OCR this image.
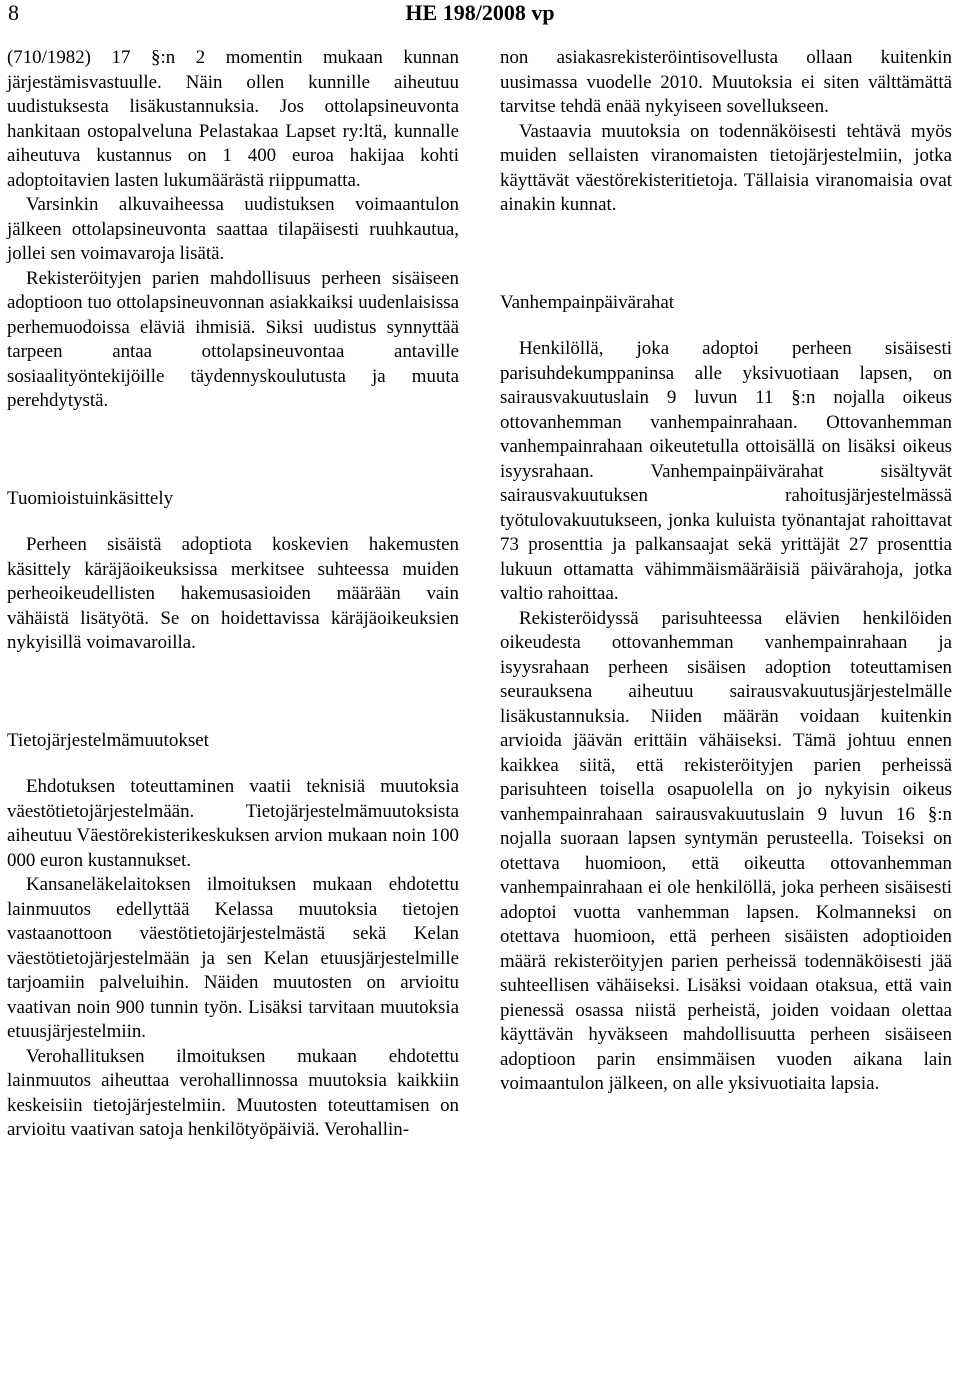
8	HE 198/2008 vp

(710/1982) 17 §:n 2 momentin mukaan kunnan järjestämisvastuulle. Näin ollen kunnille aiheutuu uudistuksesta lisäkustannuksia. Jos ottolapsineuvonta hankitaan ostopalveluna Pelastakaa Lapset ry:ltä, kunnalle aiheutuva kustannus on 1 400 euroa hakijaa kohti adoptoitavien lasten lukumäärästä riippumatta.

Varsinkin alkuvaiheessa uudistuksen voimaantulon jälkeen ottolapsineuvonta saattaa tilapäisesti ruuhkautua, jollei sen voimavaroja lisätä.

Rekisteröityjen parien mahdollisuus perheen sisäiseen adoptioon tuo ottolapsineuvonnan asiakkaiksi uudenlaisissa perhemuodoissa eläviä ihmisiä. Siksi uudistus synnyttää tarpeen antaa ottolapsineuvontaa antaville sosiaalityöntekijöille täydennyskoulutusta ja muuta perehdytystä.

Tuomioistuinkäsittely

Perheen sisäistä adoptiota koskevien hakemusten käsittely käräjäoikeuksissa merkitsee suhteessa muiden perheoikeudellisten hakemusasioiden määrään vain vähäistä lisätyötä. Se on hoidettavissa käräjäoikeuksien nykyisillä voimavaroilla.

Tietojärjestelmämuutokset

Ehdotuksen toteuttaminen vaatii teknisiä muutoksia väestötietojärjestelmään. Tietojärjestelmämuutoksista aiheutuu Väestörekisterikeskuksen arvion mukaan noin 100 000 euron kustannukset.

Kansaneläkelaitoksen ilmoituksen mukaan ehdotettu lainmuutos edellyttää Kelassa muutoksia tietojen vastaanottoon väestötietojärjestelmästä sekä Kelan väestötietojärjestelmään ja sen Kelan etuusjärjestelmille tarjoamiin palveluihin. Näiden muutosten on arvioitu vaativan noin 900 tunnin työn. Lisäksi tarvitaan muutoksia etuusjärjestelmiin.

Verohallituksen ilmoituksen mukaan ehdotettu lainmuutos aiheuttaa verohallinnossa muutoksia kaikkiin keskeisiin tietojärjestelmiin. Muutosten toteuttamisen on arvioitu vaativan satoja henkilötyöpäiviä. Verohallin-

non asiakasrekisteröintisovellusta ollaan kuitenkin uusimassa vuodelle 2010. Muutoksia ei siten välttämättä tarvitse tehdä enää nykyiseen sovellukseen.

Vastaavia muutoksia on todennäköisesti tehtävä myös muiden sellaisten viranomaisten tietojärjestelmiin, jotka käyttävät väestörekisteritietoja. Tällaisia viranomaisia ovat ainakin kunnat.

Vanhempainpäivärahat

Henkilöllä, joka adoptoi perheen sisäisesti parisuhdekumppaninsa alle yksivuotiaan lapsen, on sairausvakuutuslain 9 luvun 11 §:n nojalla oikeus ottovanhemman vanhempainrahaan. Ottovanhemman vanhempainrahaan oikeutetulla ottoisällä on lisäksi oikeus isyysrahaan. Vanhempainpäivärahat sisältyvät sairausvakuutuksen rahoitusjärjestelmässä työtulovakuutukseen, jonka kuluista työnantajat rahoittavat 73 prosenttia ja palkansaajat sekä yrittäjät 27 prosenttia lukuun ottamatta vähimmäismääräisiä päivärahoja, jotka valtio rahoittaa.

Rekisteröidyssä parisuhteessa elävien henkilöiden oikeudesta ottovanhemman vanhempainrahaan ja isyysrahaan perheen sisäisen adoption toteuttamisen seurauksena aiheutuu sairausvakuutusjärjestelmälle lisäkustannuksia. Niiden määrän voidaan kuitenkin arvioida jäävän erittäin vähäiseksi. Tämä johtuu ennen kaikkea siitä, että rekisteröityjen parien perheissä parisuhteen toisella osapuolella on jo nykyisin oikeus vanhempainrahaan sairausvakuutuslain 9 luvun 16 §:n nojalla suoraan lapsen syntymän perusteella. Toiseksi on otettava huomioon, että oikeutta ottovanhemman vanhempainrahaan ei ole henkilöllä, joka perheen sisäisesti adoptoi vuotta vanhemman lapsen. Kolmanneksi on otettava huomioon, että perheen sisäisten adoptioiden määrä rekisteröityjen parien perheissä todennäköisesti jää suhteellisen vähäiseksi. Lisäksi voidaan otaksua, että vain pienessä osassa niistä perheistä, joiden voidaan olettaa käyttävän hyväkseen mahdollisuutta perheen sisäiseen adoptioon parin ensimmäisen vuoden aikana lain voimaantulon jälkeen, on alle yksivuotiaita lapsia.
